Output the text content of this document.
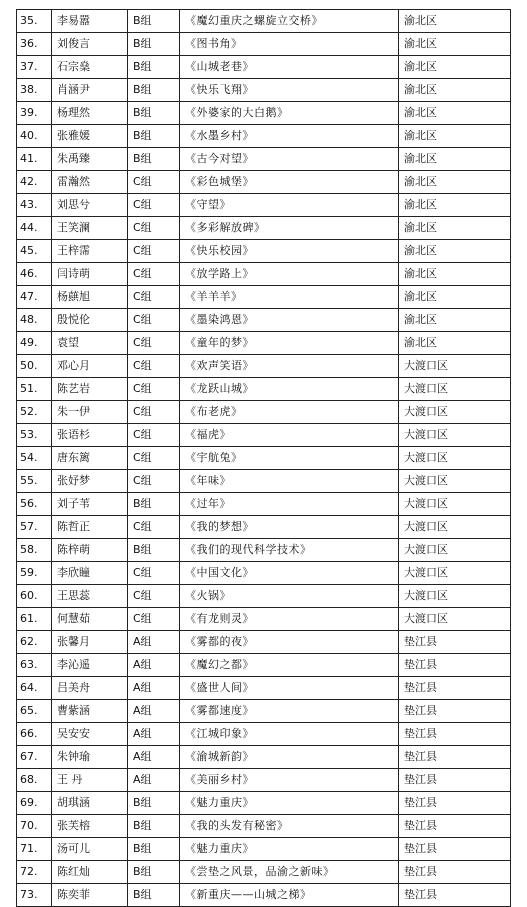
35.	李易嚣	B组	《魔幻重庆之螺旋立交桥》	渝北区
36.	刘俊言	B组	《图书角》	渝北区
37.	石宗燊	B组	《山城老巷》	渝北区
38.	肖涵尹	B组	《快乐飞翔》	渝北区
39.	杨理然	B组	《外婆家的大白鹅》	渝北区
40.	张雅媛	B组	《水墨乡村》	渝北区
41.	朱禹臻	B组	《古今对望》	渝北区
42.	雷瀚然	C组	《彩色城堡》	渝北区
43.	刘思兮	C组	《守望》	渝北区
44.	王笑澜	C组	《多彩解放碑》	渝北区
45.	王梓霈	C组	《快乐校园》	渝北区
46.	闫诗萌	C组	《放学路上》	渝北区
47.	杨蕻旭	C组	《羊羊羊》	渝北区
48.	殷悦伦	C组	《墨染鸿恩》	渝北区
49.	袁望	C组	《童年的梦》	渝北区
50.	邓心月	C组	《欢声笑语》	大渡口区
51.	陈艺岩	C组	《龙跃山城》	大渡口区
52.	朱一伊	C组	《布老虎》	大渡口区
53.	张语杉	C组	《福虎》	大渡口区
54.	唐东篱	C组	《宇航兔》	大渡口区
55.	张妤梦	C组	《年味》	大渡口区
56.	刘子苇	B组	《过年》	大渡口区
57.	陈哲正	C组	《我的梦想》	大渡口区
58.	陈梓萌	B组	《我们的现代科学技术》	大渡口区
59.	李欣瞳	C组	《中国文化》	大渡口区
60.	王思蕊	C组	《火锅》	大渡口区
61.	何慧茹	C组	《有龙则灵》	大渡口区
62.	张馨月	A组	《雾都的夜》	垫江县
63.	李沁遥	A组	《魔幻之都》	垫江县
64.	吕美舟	A组	《盛世人间》	垫江县
65.	曹紫涵	A组	《雾都速度》	垫江县
66.	吴安安	A组	《江城印象》	垫江县
67.	朱钟瑜	A组	《渝城新韵》	垫江县
68.	王 丹	A组	《美丽乡村》	垫江县
69.	胡琪涵	B组	《魅力重庆》	垫江县
70.	张芙榕	B组	《我的头发有秘密》	垫江县
71.	汤可儿	B组	《魅力重庆》	垫江县
72.	陈红灿	B组	《尝垫之风景，品渝之新味》	垫江县
73.	陈奕菲	B组	《新重庆——山城之梯》	垫江县
